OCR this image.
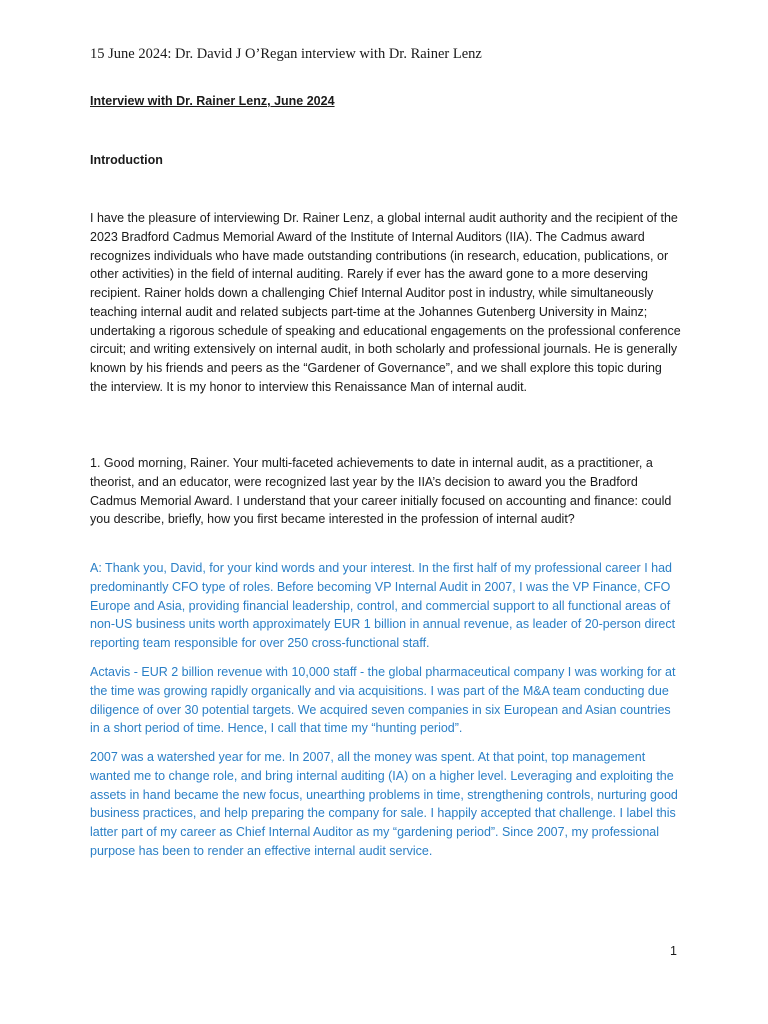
15 June 2024: Dr. David J O’Regan interview with Dr. Rainer Lenz
Interview with Dr. Rainer Lenz, June 2024
Introduction

I have the pleasure of interviewing Dr. Rainer Lenz, a global internal audit authority and the recipient of the 2023 Bradford Cadmus Memorial Award of the Institute of Internal Auditors (IIA). The Cadmus award recognizes individuals who have made outstanding contributions (in research, education, publications, or other activities) in the field of internal auditing. Rarely if ever has the award gone to a more deserving recipient. Rainer holds down a challenging Chief Internal Auditor post in industry, while simultaneously teaching internal audit and related subjects part-time at the Johannes Gutenberg University in Mainz; undertaking a rigorous schedule of speaking and educational engagements on the professional conference circuit; and writing extensively on internal audit, in both scholarly and professional journals. He is generally known by his friends and peers as the “Gardener of Governance”, and we shall explore this topic during the interview. It is my honor to interview this Renaissance Man of internal audit.

1. Good morning, Rainer. Your multi-faceted achievements to date in internal audit, as a practitioner, a theorist, and an educator, were recognized last year by the IIA’s decision to award you the Bradford Cadmus Memorial Award. I understand that your career initially focused on accounting and finance: could you describe, briefly, how you first became interested in the profession of internal audit?

A: Thank you, David, for your kind words and your interest. In the first half of my professional career I had predominantly CFO type of roles. Before becoming VP Internal Audit in 2007, I was the VP Finance, CFO Europe and Asia, providing financial leadership, control, and commercial support to all functional areas of non-US business units worth approximately EUR 1 billion in annual revenue, as leader of 20-person direct reporting team responsible for over 250 cross-functional staff.

Actavis - EUR 2 billion revenue with 10,000 staff - the global pharmaceutical company I was working for at the time was growing rapidly organically and via acquisitions. I was part of the M&A team conducting due diligence of over 30 potential targets. We acquired seven companies in six European and Asian countries in a short period of time. Hence, I call that time my “hunting period”.

2007 was a watershed year for me. In 2007, all the money was spent. At that point, top management wanted me to change role, and bring internal auditing (IA) on a higher level. Leveraging and exploiting the assets in hand became the new focus, unearthing problems in time, strengthening controls, nurturing good business practices, and help preparing the company for sale. I happily accepted that challenge. I label this latter part of my career as Chief Internal Auditor as my “gardening period”. Since 2007, my professional purpose has been to render an effective internal audit service.

1
